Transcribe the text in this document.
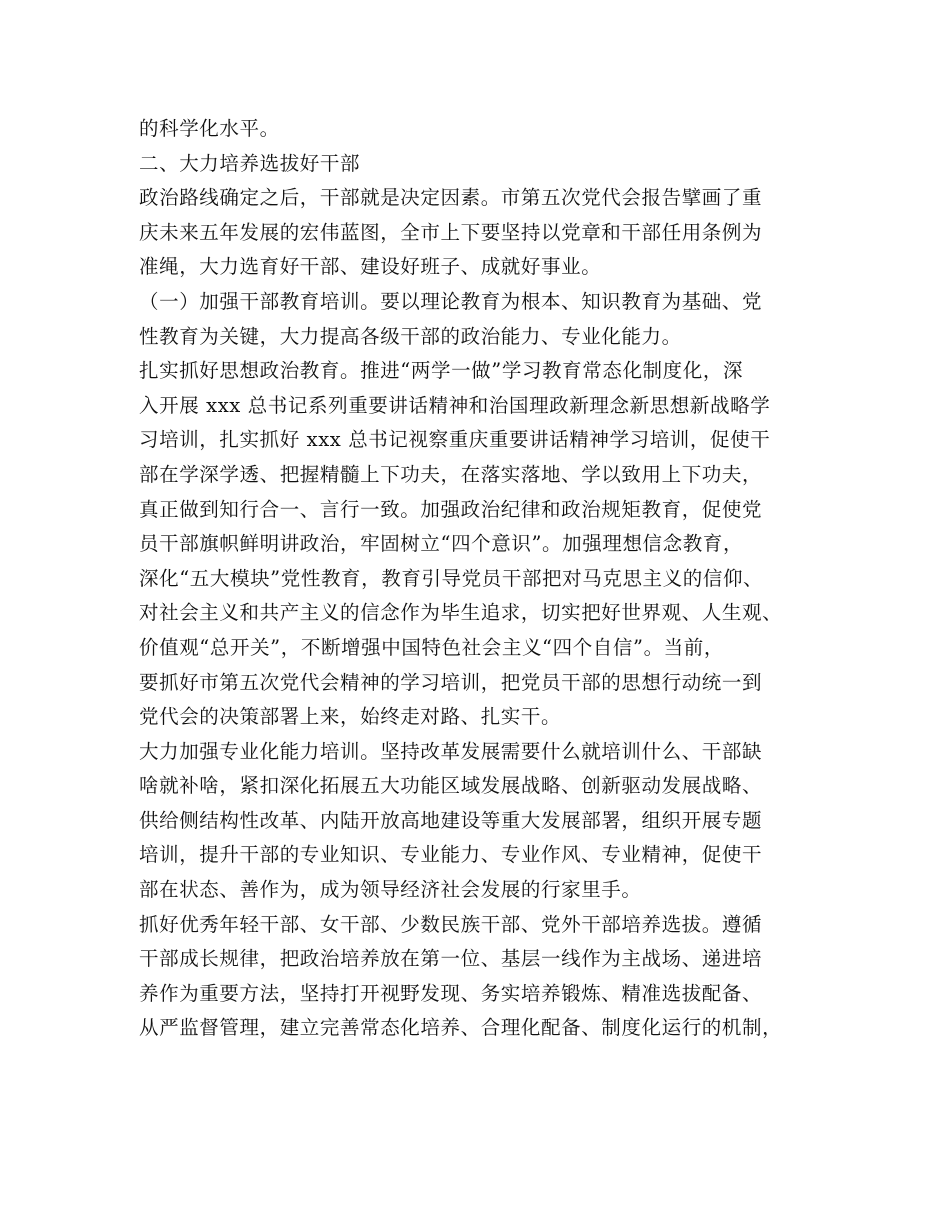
的科学化水平。
二、大力培养选拔好干部
政治路线确定之后，干部就是决定因素。市第五次党代会报告擘画了重
庆未来五年发展的宏伟蓝图，全市上下要坚持以党章和干部任用条例为
准绳，大力选育好干部、建设好班子、成就好事业。
（一）加强干部教育培训。要以理论教育为根本、知识教育为基础、党
性教育为关键，大力提高各级干部的政治能力、专业化能力。
扎实抓好思想政治教育。推进“两学一做”学习教育常态化制度化，深
入开展 xxx 总书记系列重要讲话精神和治国理政新理念新思想新战略学
习培训，扎实抓好 xxx 总书记视察重庆重要讲话精神学习培训，促使干
部在学深学透、把握精髓上下功夫，在落实落地、学以致用上下功夫，
真正做到知行合一、言行一致。加强政治纪律和政治规矩教育，促使党
员干部旗帜鲜明讲政治，牢固树立“四个意识”。加强理想信念教育，
深化“五大模块”党性教育，教育引导党员干部把对马克思主义的信仰、
对社会主义和共产主义的信念作为毕生追求，切实把好世界观、人生观、
价值观“总开关”，不断增强中国特色社会主义“四个自信”。当前，
要抓好市第五次党代会精神的学习培训，把党员干部的思想行动统一到
党代会的决策部署上来，始终走对路、扎实干。
大力加强专业化能力培训。坚持改革发展需要什么就培训什么、干部缺
啥就补啥，紧扣深化拓展五大功能区域发展战略、创新驱动发展战略、
供给侧结构性改革、内陆开放高地建设等重大发展部署，组织开展专题
培训，提升干部的专业知识、专业能力、专业作风、专业精神，促使干
部在状态、善作为，成为领导经济社会发展的行家里手。
抓好优秀年轻干部、女干部、少数民族干部、党外干部培养选拔。遵循
干部成长规律，把政治培养放在第一位、基层一线作为主战场、递进培
养作为重要方法，坚持打开视野发现、务实培养锻炼、精准选拔配备、
从严监督管理，建立完善常态化培养、合理化配备、制度化运行的机制，
